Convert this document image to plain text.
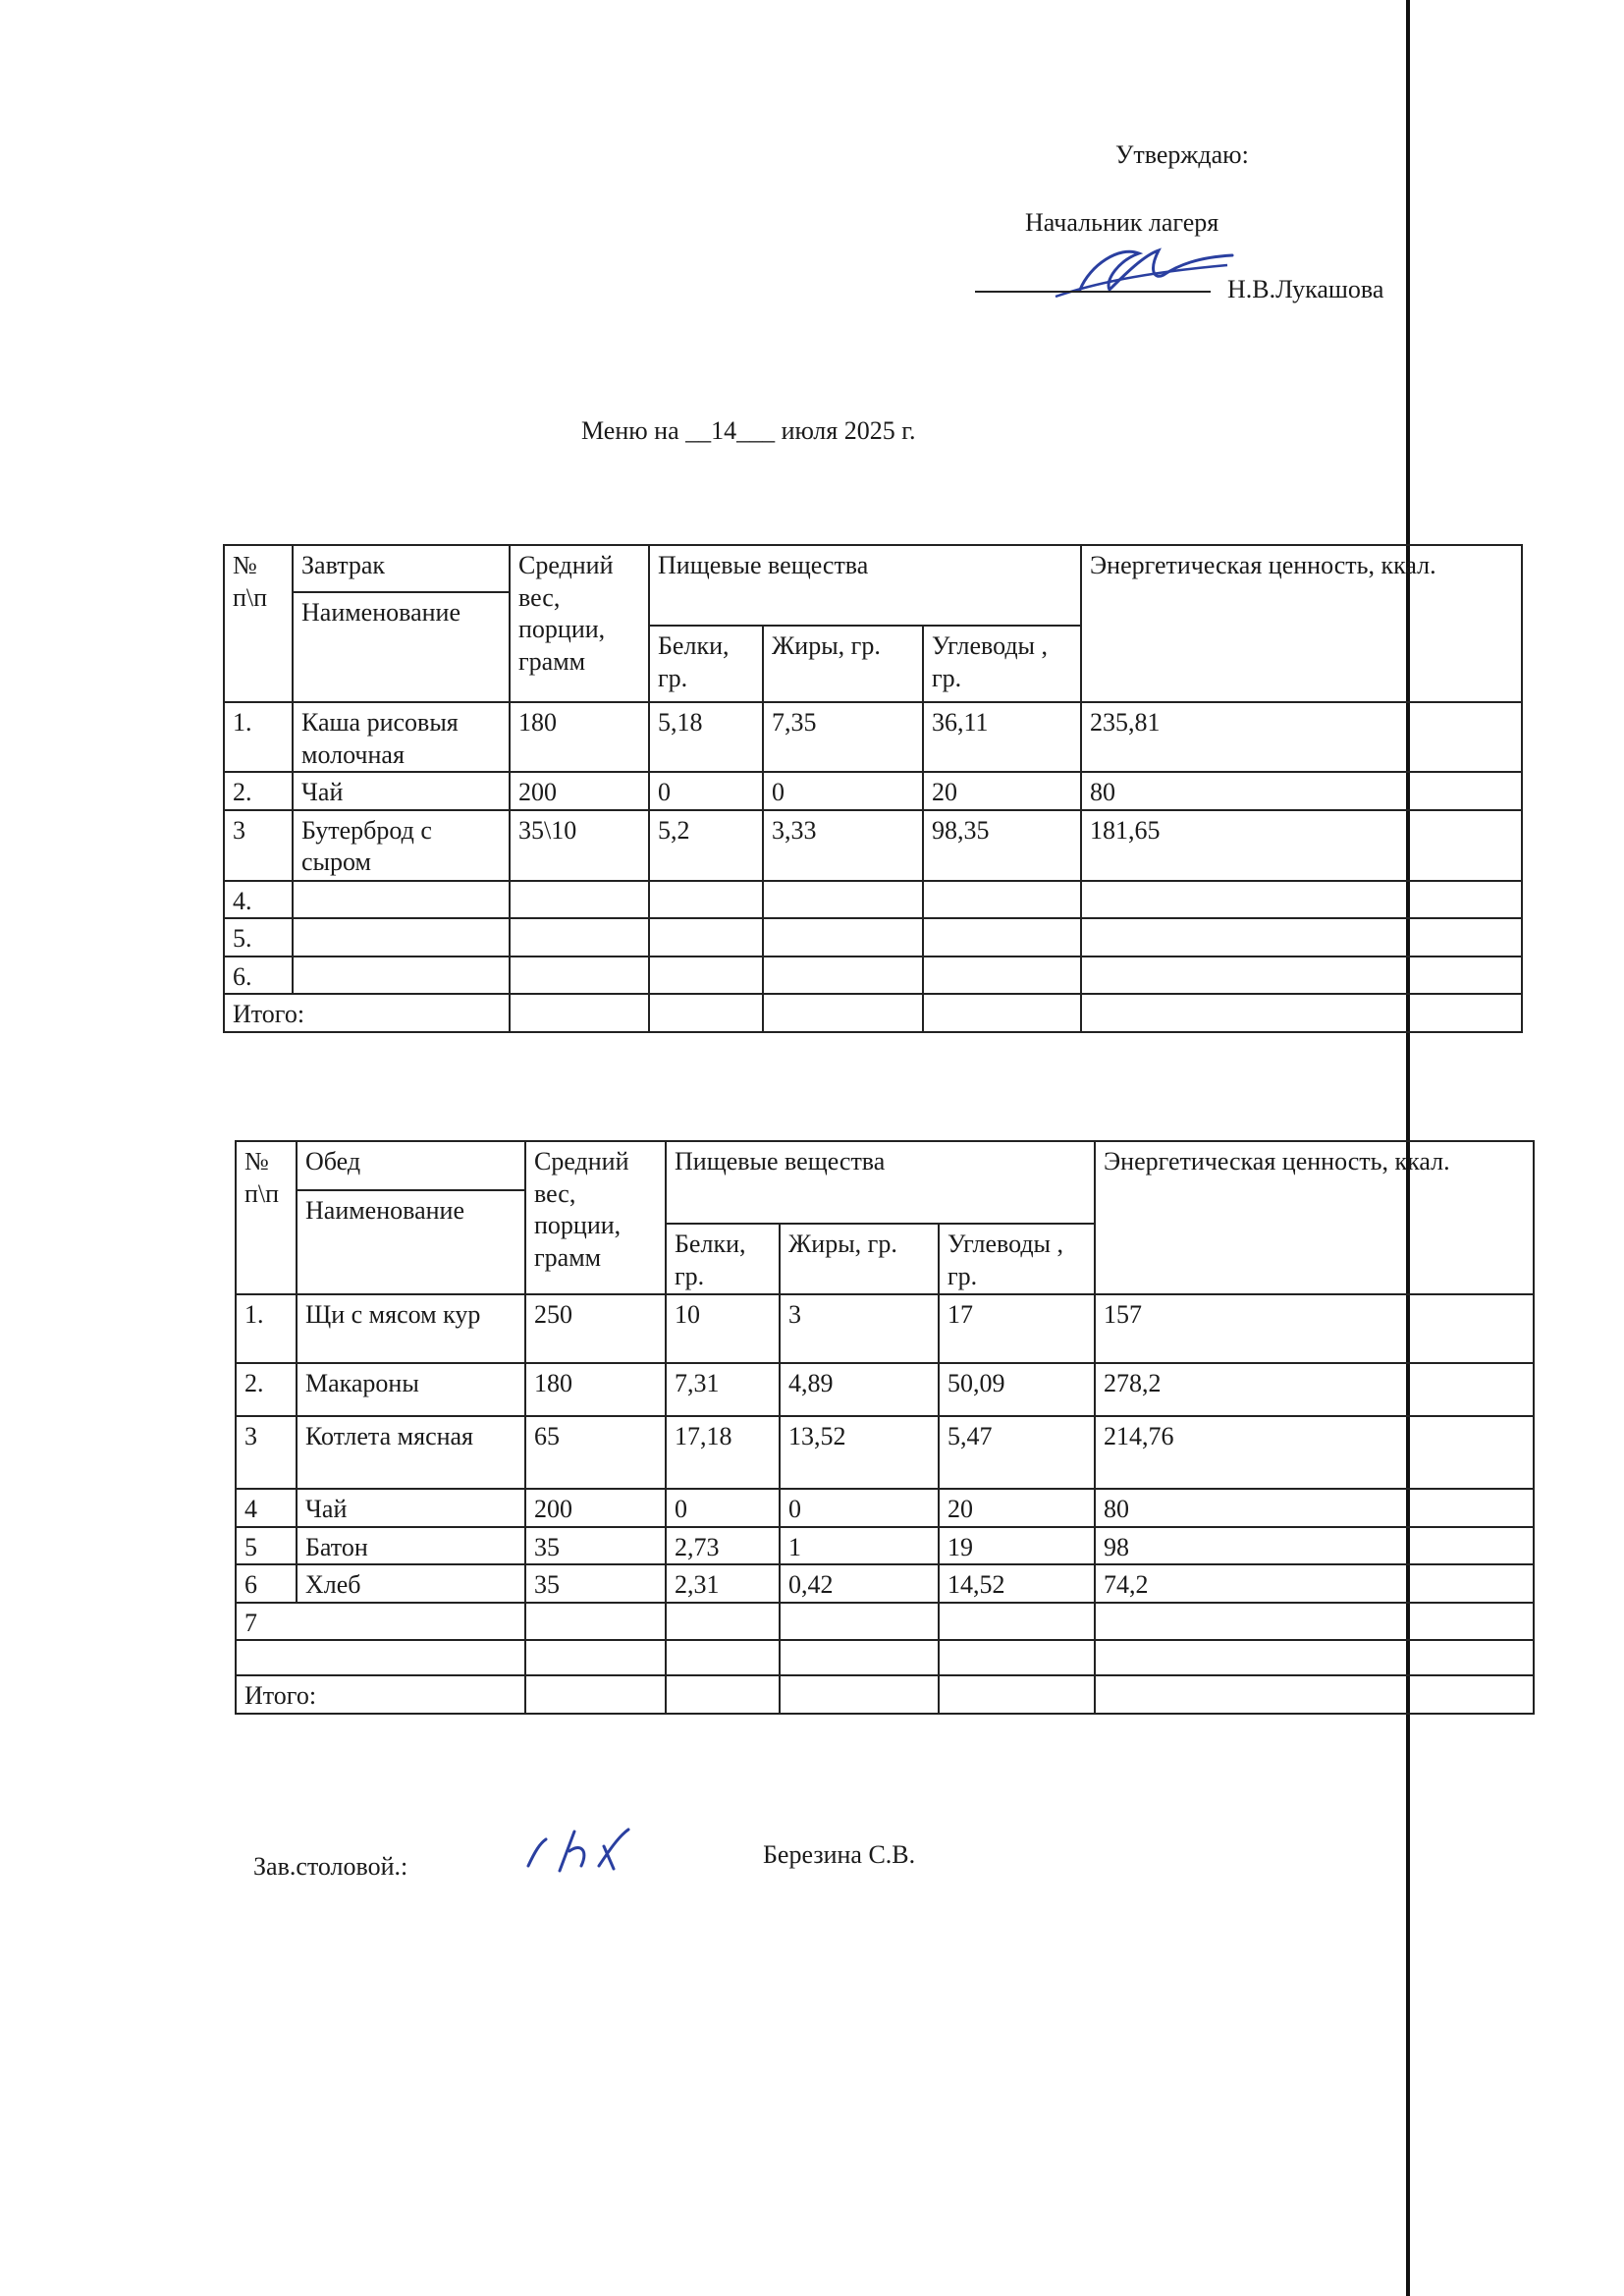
Утверждаю:
Начальник лагеря
Н.В.Лукашова
Меню на __14___ июля 2025 г.
№ п\п	Завтрак	Средний вес, порции, грамм	Пищевые вещества			Энергетическая ценность, ккал.
	Наименование					
			Белки, гр.	Жиры, гр.	Углеводы , гр.	
1.	Каша рисовыя молочная	180	5,18	7,35	36,11	235,81
2.	Чай	200	0	0	20	80
3	Бутерброд с сыром	35\10	5,2	3,33	98,35	181,65
4.						
5.						
6.						
Итого:						
№ п\п	Обед	Средний вес, порции, грамм	Пищевые вещества			Энергетическая ценность, ккал.
	Наименование					
			Белки, гр.	Жиры, гр.	Углеводы , гр.	
1.	Щи с мясом кур	250	10	3	17	157
2.	Макароны	180	7,31	4,89	50,09	278,2
3	Котлета мясная	65	17,18	13,52	5,47	214,76
4	Чай	200	0	0	20	80
5	Батон	35	2,73	1	19	98
6	Хлеб	35	2,31	0,42	14,52	74,2
7						

Итого:						
Зав.столовой.:	Березина С.В.
